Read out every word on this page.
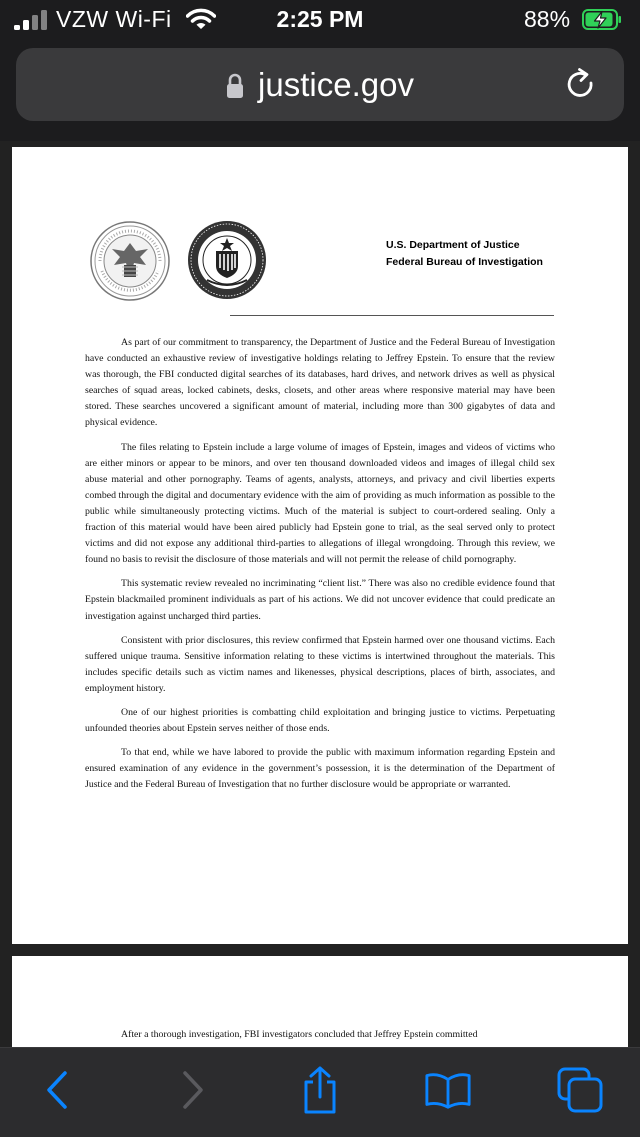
VZW Wi-Fi	2:25 PM	88%
justice.gov
U.S. Department of Justice
Federal Bureau of Investigation

As part of our commitment to transparency, the Department of Justice and the Federal Bureau of Investigation have conducted an exhaustive review of investigative holdings relating to Jeffrey Epstein. To ensure that the review was thorough, the FBI conducted digital searches of its databases, hard drives, and network drives as well as physical searches of squad areas, locked cabinets, desks, closets, and other areas where responsive material may have been stored. These searches uncovered a significant amount of material, including more than 300 gigabytes of data and physical evidence.

The files relating to Epstein include a large volume of images of Epstein, images and videos of victims who are either minors or appear to be minors, and over ten thousand downloaded videos and images of illegal child sex abuse material and other pornography. Teams of agents, analysts, attorneys, and privacy and civil liberties experts combed through the digital and documentary evidence with the aim of providing as much information as possible to the public while simultaneously protecting victims. Much of the material is subject to court-ordered sealing. Only a fraction of this material would have been aired publicly had Epstein gone to trial, as the seal served only to protect victims and did not expose any additional third-parties to allegations of illegal wrongdoing. Through this review, we found no basis to revisit the disclosure of those materials and will not permit the release of child pornography.

This systematic review revealed no incriminating “client list.” There was also no credible evidence found that Epstein blackmailed prominent individuals as part of his actions. We did not uncover evidence that could predicate an investigation against uncharged third parties.

Consistent with prior disclosures, this review confirmed that Epstein harmed over one thousand victims. Each suffered unique trauma. Sensitive information relating to these victims is intertwined throughout the materials. This includes specific details such as victim names and likenesses, physical descriptions, places of birth, associates, and employment history.

One of our highest priorities is combatting child exploitation and bringing justice to victims. Perpetuating unfounded theories about Epstein serves neither of those ends.

To that end, while we have labored to provide the public with maximum information regarding Epstein and ensured examination of any evidence in the government’s possession, it is the determination of the Department of Justice and the Federal Bureau of Investigation that no further disclosure would be appropriate or warranted.

After a thorough investigation, FBI investigators concluded that Jeffrey Epstein committed
